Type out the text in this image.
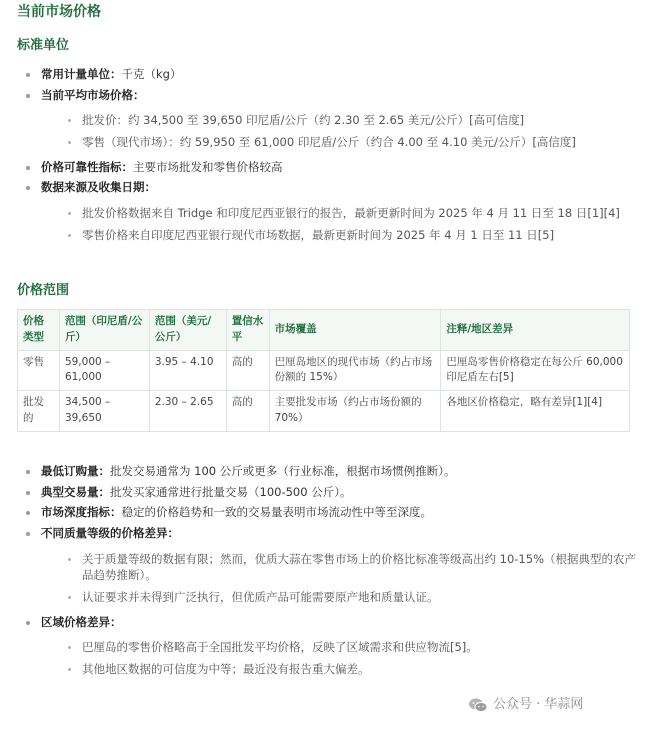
当前市场价格
标准单位
常用计量单位：千克（kg）
当前平均市场价格：
批发价：约 34,500 至 39,650 印尼盾/公斤（约 2.30 至 2.65 美元/公斤）[高可信度]
零售（现代市场）：约 59,950 至 61,000 印尼盾/公斤（约合 4.00 至 4.10 美元/公斤）[高信度]
价格可靠性指标：主要市场批发和零售价格较高
数据来源及收集日期：
批发价格数据来自 Tridge 和印度尼西亚银行的报告，最新更新时间为 2025 年 4 月 11 日至 18 日[1][4]
零售价格来自印度尼西亚银行现代市场数据，最新更新时间为 2025 年 4 月 1 日至 11 日[5]
价格范围
价格类型	范围（印尼盾/公斤）	范围（美元/公斤）	置信水平	市场覆盖	注释/地区差异
零售	59,000 – 61,000	3.95 – 4.10	高的	巴厘岛地区的现代市场（约占市场份额的 15%）	巴厘岛零售价格稳定在每公斤 60,000 印尼盾左右[5]
批发的	34,500 – 39,650	2.30 – 2.65	高的	主要批发市场（约占市场份额的 70%）	各地区价格稳定，略有差异[1][4]
最低订购量：批发交易通常为 100 公斤或更多（行业标准，根据市场惯例推断）。
典型交易量：批发买家通常进行批量交易（100-500 公斤）。
市场深度指标：稳定的价格趋势和一致的交易量表明市场流动性中等至深度。
不同质量等级的价格差异：
关于质量等级的数据有限；然而，优质大蒜在零售市场上的价格比标准等级高出约 10-15%（根据典型的农产品趋势推断）。
认证要求并未得到广泛执行，但优质产品可能需要原产地和质量认证。
区域价格差异：
巴厘岛的零售价格略高于全国批发平均价格，反映了区域需求和供应物流[5]。
其他地区数据的可信度为中等；最近没有报告重大偏差。
公众号 · 华蒜网
